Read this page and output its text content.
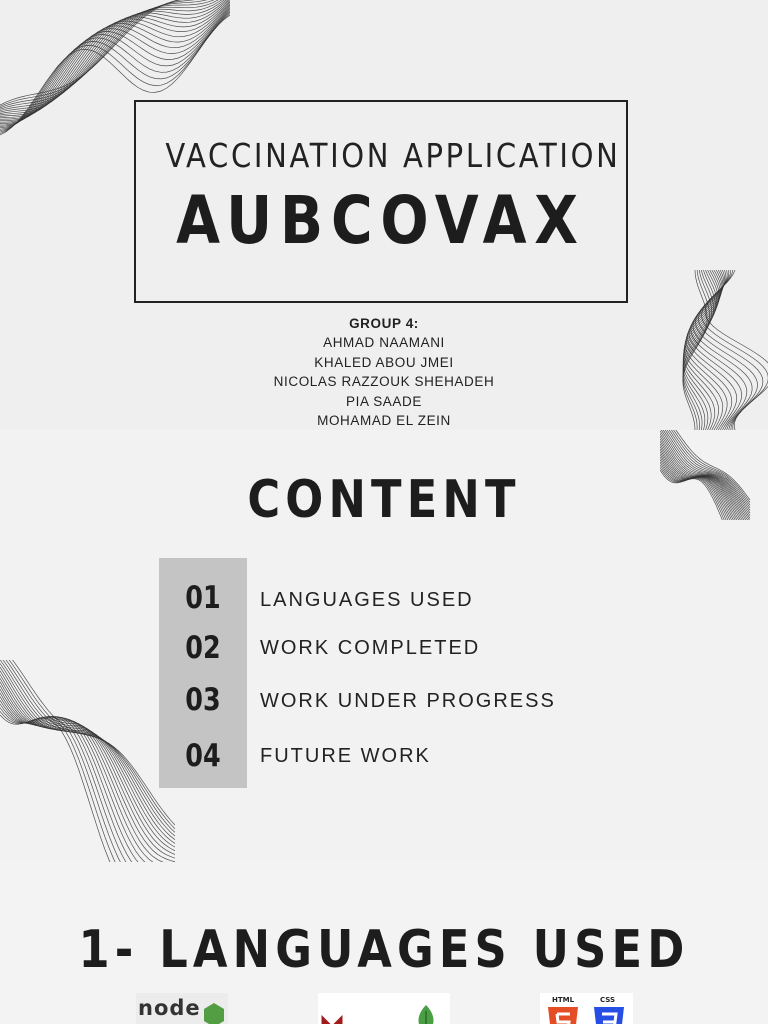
VACCINATION APPLICATION
AUBCOVAX
GROUP 4:
AHMAD NAAMANI
KHALED ABOU JMEI
NICOLAS RAZZOUK SHEHADEH
PIA SAADE
MOHAMAD EL ZEIN
CONTENT
01	LANGUAGES USED
02	WORK COMPLETED
03	WORK UNDER PROGRESS
04	FUTURE WORK
1- LANGUAGES USED
node	HTML	CSS
